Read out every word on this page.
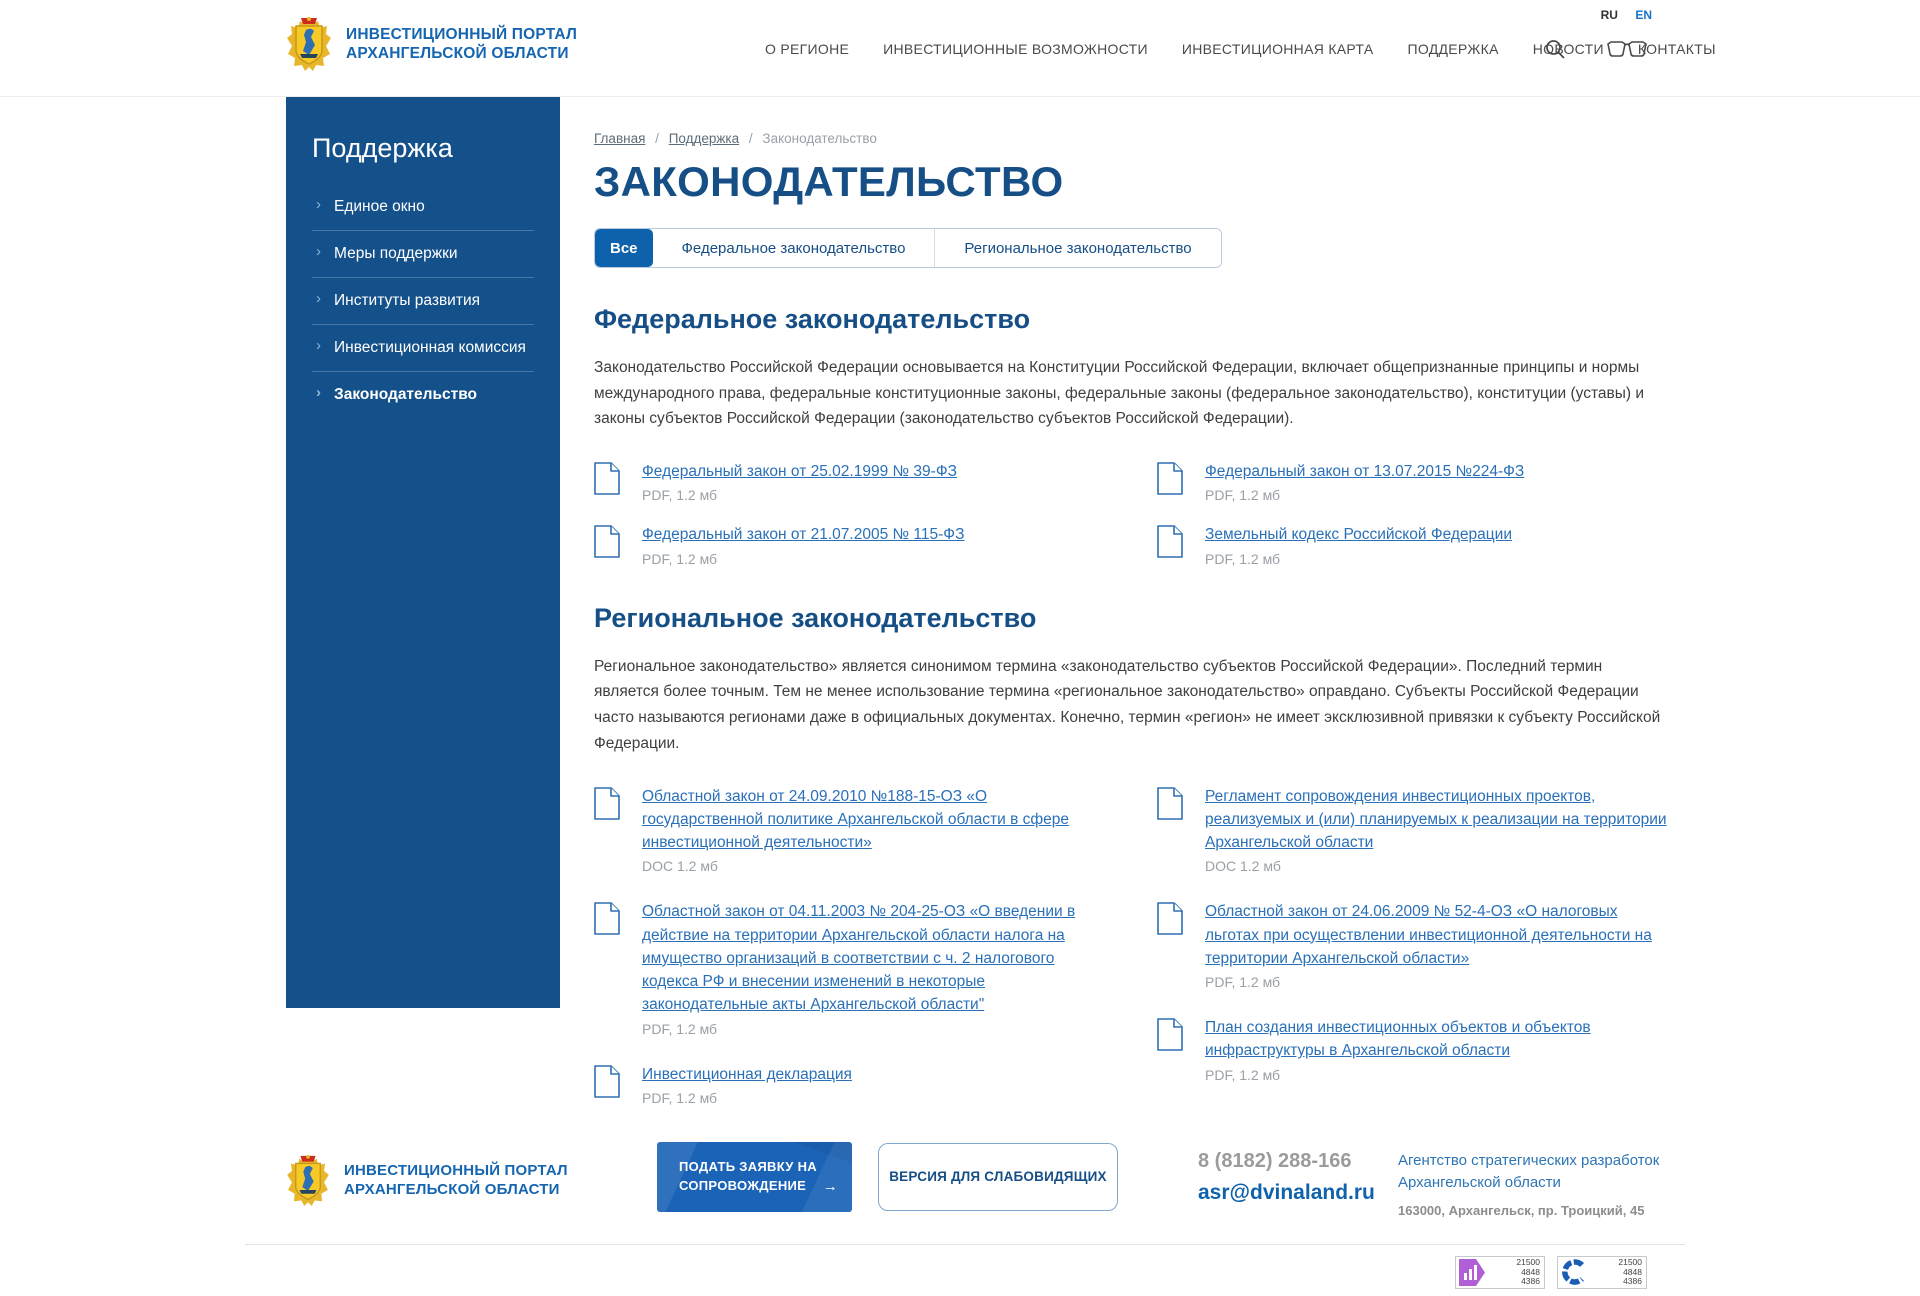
ИНВЕСТИЦИОННЫЙ ПОРТАЛ
АРХАНГЕЛЬСКОЙ ОБЛАСТИ
RU EN
О РЕГИОНЕ ИНВЕСТИЦИОННЫЕ ВОЗМОЖНОСТИ ИНВЕСТИЦИОННАЯ КАРТА ПОДДЕРЖКА НОВОСТИ КОНТАКТЫ
Поддержка
› Единое окно
› Меры поддержки
› Институты развития
› Инвестиционная комиссия
› Законодательство
Главная / Поддержка / Законодательство
ЗАКОНОДАТЕЛЬСТВО
Все	Федеральное законодательство	Региональное законодательство
Федеральное законодательство

Законодательство Российской Федерации основывается на Конституции Российской Федерации, включает общепризнанные принципы и нормы международного права, федеральные конституционные законы, федеральные законы (федеральное законодательство), конституции (уставы) и законы субъектов Российской Федерации (законодательство субъектов Российской Федерации).

Федеральный закон от 25.02.1999 № 39-ФЗ
PDF, 1.2 мб
Федеральный закон от 13.07.2015 №224-ФЗ
PDF, 1.2 мб
Федеральный закон от 21.07.2005 № 115-ФЗ
PDF, 1.2 мб
Земельный кодекс Российской Федерации
PDF, 1.2 мб
Региональное законодательство

Региональное законодательство» является синонимом термина «законодательство субъектов Российской Федерации». Последний термин является более точным. Тем не менее использование термина «региональное законодательство» оправдано. Субъекты Российской Федерации часто называются регионами даже в официальных документах. Конечно, термин «регион» не имеет эксклюзивной привязки к субъекту Российской Федерации.

Областной закон от 24.09.2010 №188-15-ОЗ «О государственной политике Архангельской области в сфере инвестиционной деятельности»
DOC 1.2 мб
Областной закон от 04.11.2003 № 204-25-ОЗ «О введении в действие на территории Архангельской области налога на имущество организаций в соответствии с ч. 2 налогового кодекса РФ и внесении изменений в некоторые законодательные акты Архангельской области"
PDF, 1.2 мб
Инвестиционная декларация
PDF, 1.2 мб
Регламент сопровождения инвестиционных проектов, реализуемых и (или) планируемых к реализации на территории Архангельской области
DOC 1.2 мб
Областной закон от 24.06.2009 № 52-4-ОЗ «О налоговых льготах при осуществлении инвестиционной деятельности на территории Архангельской области»
PDF, 1.2 мб
План создания инвестиционных объектов и объектов инфраструктуры в Архангельской области
PDF, 1.2 мб
ИНВЕСТИЦИОННЫЙ ПОРТАЛ
АРХАНГЕЛЬСКОЙ ОБЛАСТИ
ПОДАТЬ ЗАЯВКУ НА
СОПРОВОЖДЕНИЕ →
ВЕРСИЯ ДЛЯ СЛАБОВИДЯЩИХ
8 (8182) 288-166
asr@dvinaland.ru
Агентство стратегических разработок
Архангельской области
163000, Архангельск, пр. Троицкий, 45
21500
4848
4386
21500
4848
4386
